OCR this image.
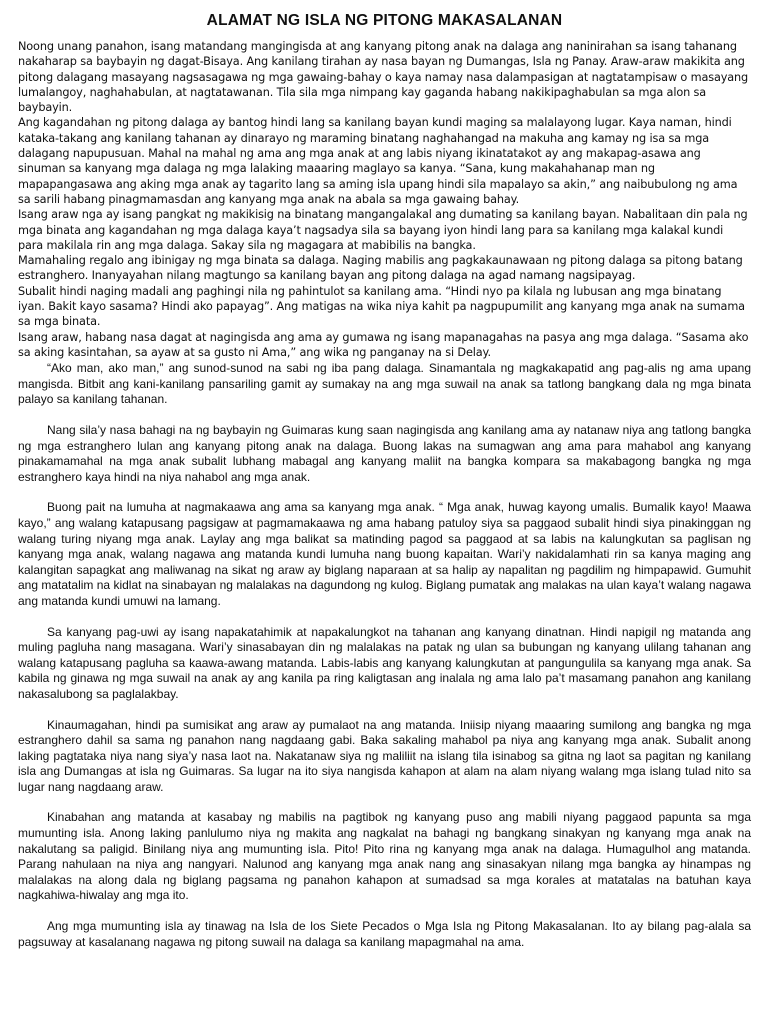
ALAMAT NG ISLA NG PITONG MAKASALANAN

Noong unang panahon, isang matandang mangingisda at ang kanyang pitong anak na dalaga ang naninirahan sa isang tahanang nakaharap sa baybayin ng dagat-Bisaya. Ang kanilang tirahan ay nasa bayan ng Dumangas, Isla ng Panay. Araw-araw makikita ang pitong dalagang masayang nagsasagawa ng mga gawaing-bahay o kaya namay nasa dalampasigan at nagtatampisaw o masayang lumalangoy, naghahabulan, at nagtatawanan. Tila sila mga nimpang kay gaganda habang nakikipaghabulan sa mga alon sa baybayin.

Ang kagandahan ng pitong dalaga ay bantog hindi lang sa kanilang bayan kundi maging sa malalayong lugar. Kaya naman, hindi kataka-takang ang kanilang tahanan ay dinarayo ng maraming binatang naghahangad na makuha ang kamay ng isa sa mga dalagang napupusuan. Mahal na mahal ng ama ang mga anak at ang labis niyang ikinatatakot ay ang makapag-asawa ang sinuman sa kanyang mga dalaga ng mga lalaking maaaring maglayo sa kanya. “Sana, kung makahahanap man ng mapapangasawa ang aking mga anak ay tagarito lang sa aming isla upang hindi sila mapalayo sa akin,” ang naibubulong ng ama sa sarili habang pinagmamasdan ang kanyang mga anak na abala sa mga gawaing bahay.

Isang araw nga ay isang pangkat ng makikisig na binatang mangangalakal ang dumating sa kanilang bayan. Nabalitaan din pala ng mga binata ang kagandahan ng mga dalaga kaya’t nagsadya sila sa bayang iyon hindi lang para sa kanilang mga kalakal kundi para makilala rin ang mga dalaga. Sakay sila ng magagara at mabibilis na bangka.

Mamahaling regalo ang ibinigay ng mga binata sa dalaga. Naging mabilis ang pagkakaunawaan ng pitong dalaga sa pitong batang estranghero. Inanyayahan nilang magtungo sa kanilang bayan ang pitong dalaga na agad namang nagsipayag.

Subalit hindi naging madali ang paghingi nila ng pahintulot sa kanilang ama. “Hindi nyo pa kilala ng lubusan ang mga binatang iyan. Bakit kayo sasama? Hindi ako papayag”. Ang matigas na wika niya kahit pa nagpupumilit ang kanyang mga anak na sumama sa mga binata.

Isang araw, habang nasa dagat at nagingisda ang ama ay gumawa ng isang mapanagahas na pasya ang mga dalaga. “Sasama ako sa aking kasintahan, sa ayaw at sa gusto ni Ama,” ang wika ng panganay na si Delay.

“Ako man, ako man,” ang sunod-sunod na sabi ng iba pang dalaga. Sinamantala ng magkakapatid ang pag-alis ng ama upang mangisda. Bitbit ang kani-kanilang pansariling gamit ay sumakay na ang mga suwail na anak sa tatlong bangkang dala ng mga binata palayo sa kanilang tahanan.

Nang sila’y nasa bahagi na ng baybayin ng Guimaras kung saan nagingisda ang kanilang ama ay natanaw niya ang tatlong bangka ng mga estranghero lulan ang kanyang pitong anak na dalaga. Buong lakas na sumagwan ang ama para mahabol ang kanyang pinakamamahal na mga anak subalit lubhang mabagal ang kanyang maliit na bangka kompara sa makabagong bangka ng mga estranghero kaya hindi na niya nahabol ang mga anak.

Buong pait na lumuha at nagmakaawa ang ama sa kanyang mga anak. “ Mga anak, huwag kayong umalis. Bumalik kayo! Maawa kayo,” ang walang katapusang pagsigaw at pagmamakaawa ng ama habang patuloy siya sa paggaod subalit hindi siya pinakinggan ng walang turing niyang mga anak. Laylay ang mga balikat sa matinding pagod sa paggaod at sa labis na kalungkutan sa paglisan ng kanyang mga anak, walang nagawa ang matanda kundi lumuha nang buong kapaitan. Wari’y nakidalamhati rin sa kanya maging ang kalangitan sapagkat ang maliwanag na sikat ng araw ay biglang naparaan at sa halip ay napalitan ng pagdilim ng himpapawid. Gumuhit ang matatalim na kidlat na sinabayan ng malalakas na dagundong ng kulog. Biglang pumatak ang malakas na ulan kaya’t walang nagawa ang matanda kundi umuwi na lamang.

Sa kanyang pag-uwi ay isang napakatahimik at napakalungkot na tahanan ang kanyang dinatnan. Hindi napigil ng matanda ang muling pagluha nang masagana. Wari’y sinasabayan din ng malalakas na patak ng ulan sa bubungan ng kanyang ulilang tahanan ang walang katapusang pagluha sa kaawa-awang matanda. Labis-labis ang kanyang kalungkutan at pangungulila sa kanyang mga anak. Sa kabila ng ginawa ng mga suwail na anak ay ang kanila pa ring kaligtasan ang inalala ng ama lalo pa’t masamang panahon ang kanilang nakasalubong sa paglalakbay.

Kinaumagahan, hindi pa sumisikat ang araw ay pumalaot na ang matanda. Iniisip niyang maaaring sumilong ang bangka ng mga estranghero dahil sa sama ng panahon nang nagdaang gabi. Baka sakaling mahabol pa niya ang kanyang mga anak. Subalit anong laking pagtataka niya nang siya’y nasa laot na. Nakatanaw siya ng maliliit na islang tila isinabog sa gitna ng laot sa pagitan ng kanilang isla ang Dumangas at isla ng Guimaras. Sa lugar na ito siya nangisda kahapon at alam na alam niyang walang mga islang tulad nito sa lugar nang nagdaang araw.

Kinabahan ang matanda at kasabay ng mabilis na pagtibok ng kanyang puso ang mabili niyang paggaod papunta sa mga mumunting isla. Anong laking panlulumo niya ng makita ang nagkalat na bahagi ng bangkang sinakyan ng kanyang mga anak na nakalutang sa paligid. Binilang niya ang mumunting isla. Pito! Pito rina ng kanyang mga anak na dalaga. Humagulhol ang matanda. Parang nahulaan na niya ang nangyari. Nalunod ang kanyang mga anak nang ang sinasakyan nilang mga bangka ay hinampas ng malalakas na along dala ng biglang pagsama ng panahon kahapon at sumadsad sa mga korales at matatalas na batuhan kaya nagkahiwa-hiwalay ang mga ito.

Ang mga mumunting isla ay tinawag na Isla de los Siete Pecados o Mga Isla ng Pitong Makasalanan. Ito ay bilang pag-alala sa pagsuway at kasalanang nagawa ng pitong suwail na dalaga sa kanilang mapagmahal na ama.
